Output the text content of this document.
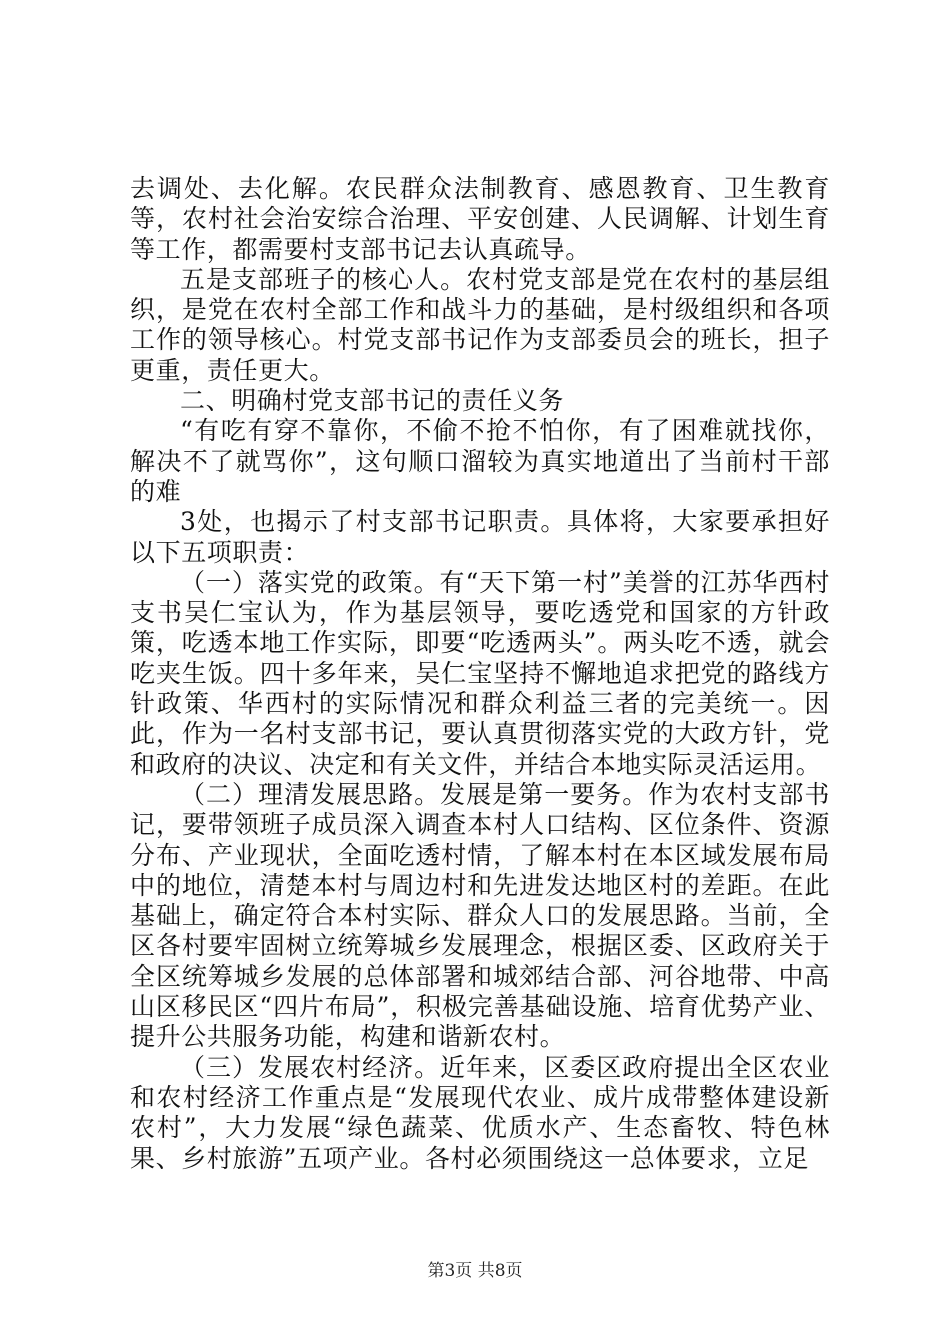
去调处、去化解。农民群众法制教育、感恩教育、卫生教育等，农村社会治安综合治理、平安创建、人民调解、计划生育等工作，都需要村支部书记去认真疏导。

五是支部班子的核心人。农村党支部是党在农村的基层组织，是党在农村全部工作和战斗力的基础，是村级组织和各项工作的领导核心。村党支部书记作为支部委员会的班长，担子更重，责任更大。

二、明确村党支部书记的责任义务

“有吃有穿不靠你，不偷不抢不怕你，有了困难就找你，解决不了就骂你”，这句顺口溜较为真实地道出了当前村干部的难

3处，也揭示了村支部书记职责。具体将，大家要承担好以下五项职责：

（一）落实党的政策。有“天下第一村”美誉的江苏华西村支书吴仁宝认为，作为基层领导，要吃透党和国家的方针政策，吃透本地工作实际，即要“吃透两头”。两头吃不透，就会吃夹生饭。四十多年来，吴仁宝坚持不懈地追求把党的路线方针政策、华西村的实际情况和群众利益三者的完美统一。因此，作为一名村支部书记，要认真贯彻落实党的大政方针，党和政府的决议、决定和有关文件，并结合本地实际灵活运用。

（二）理清发展思路。发展是第一要务。作为农村支部书记，要带领班子成员深入调查本村人口结构、区位条件、资源分布、产业现状，全面吃透村情，了解本村在本区域发展布局中的地位，清楚本村与周边村和先进发达地区村的差距。在此基础上，确定符合本村实际、群众人口的发展思路。当前，全区各村要牢固树立统筹城乡发展理念，根据区委、区政府关于全区统筹城乡发展的总体部署和城郊结合部、河谷地带、中高山区移民区“四片布局”，积极完善基础设施、培育优势产业、提升公共服务功能，构建和谐新农村。

（三）发展农村经济。近年来，区委区政府提出全区农业和农村经济工作重点是“发展现代农业、成片成带整体建设新农村”，大力发展“绿色蔬菜、优质水产、生态畜牧、特色林果、乡村旅游”五项产业。各村必须围绕这一总体要求，立足

第3页 共8页
